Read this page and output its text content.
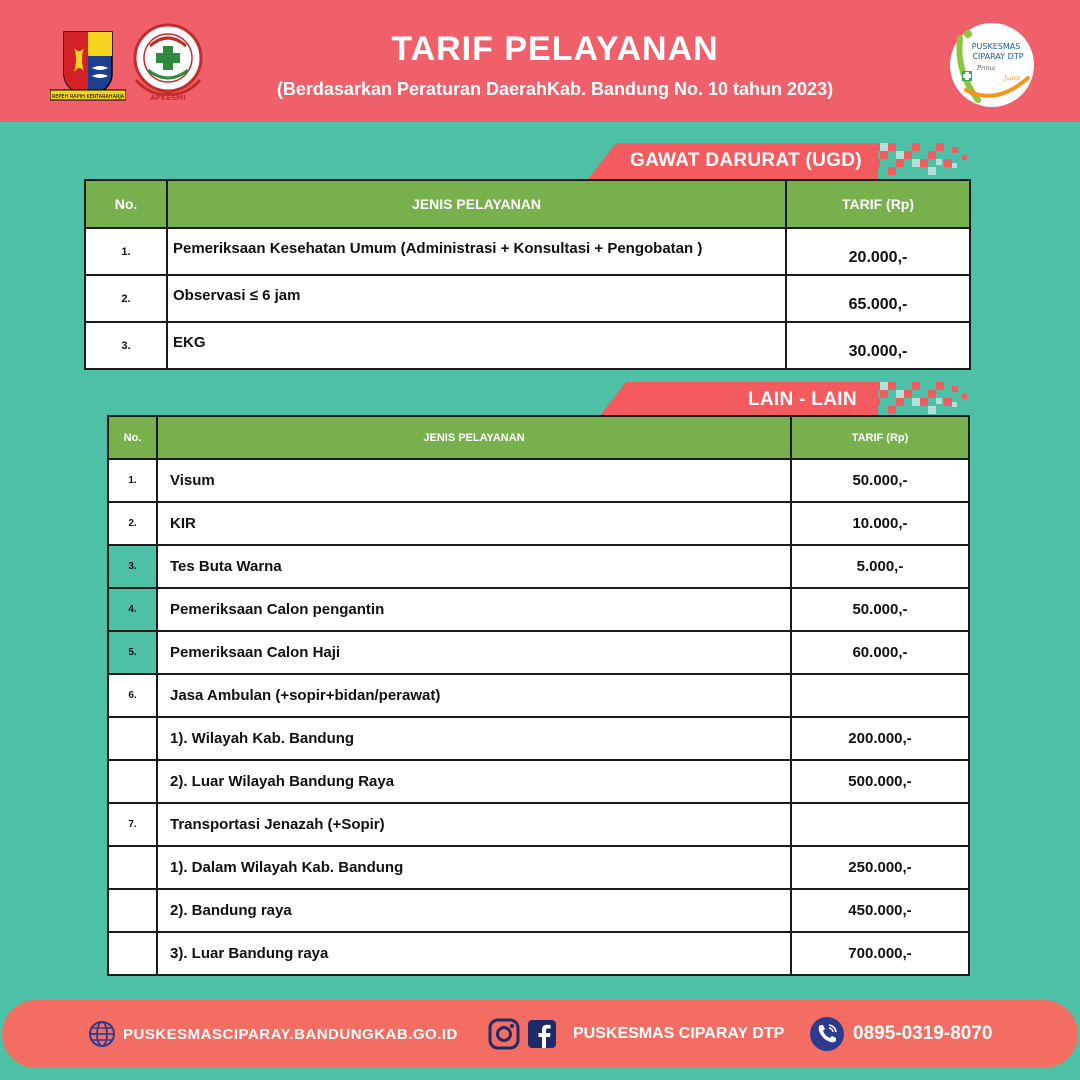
REPEH RAPIH KERTARAHARJA	APKESMI
TARIF PELAYANAN
(Berdasarkan Peraturan DaerahKab. Bandung No. 10 tahun 2023)
PUSKESMAS
CIPARAY DTP
Prima
Juara
GAWAT DARURAT (UGD)
No.	JENIS PELAYANAN	TARIF (Rp)
1.	Pemeriksaan Kesehatan Umum (Administrasi + Konsultasi + Pengobatan )	20.000,-
2.	Observasi ≤ 6 jam	65.000,-
3.	EKG	30.000,-
LAIN - LAIN
No.	JENIS PELAYANAN	TARIF (Rp)
1.	Visum	50.000,-
2.	KIR	10.000,-
3.	Tes Buta Warna	5.000,-
4.	Pemeriksaan Calon pengantin	50.000,-
5.	Pemeriksaan Calon Haji	60.000,-
6.	Jasa Ambulan (+sopir+bidan/perawat)	
	1). Wilayah Kab. Bandung	200.000,-
	2). Luar Wilayah Bandung Raya	500.000,-
7.	Transportasi Jenazah (+Sopir)	
	1). Dalam Wilayah Kab. Bandung	250.000,-
	2). Bandung raya	450.000,-
	3). Luar Bandung raya	700.000,-
PUSKESMASCIPARAY.BANDUNGKAB.GO.ID	PUSKESMAS CIPARAY DTP	0895-0319-8070
